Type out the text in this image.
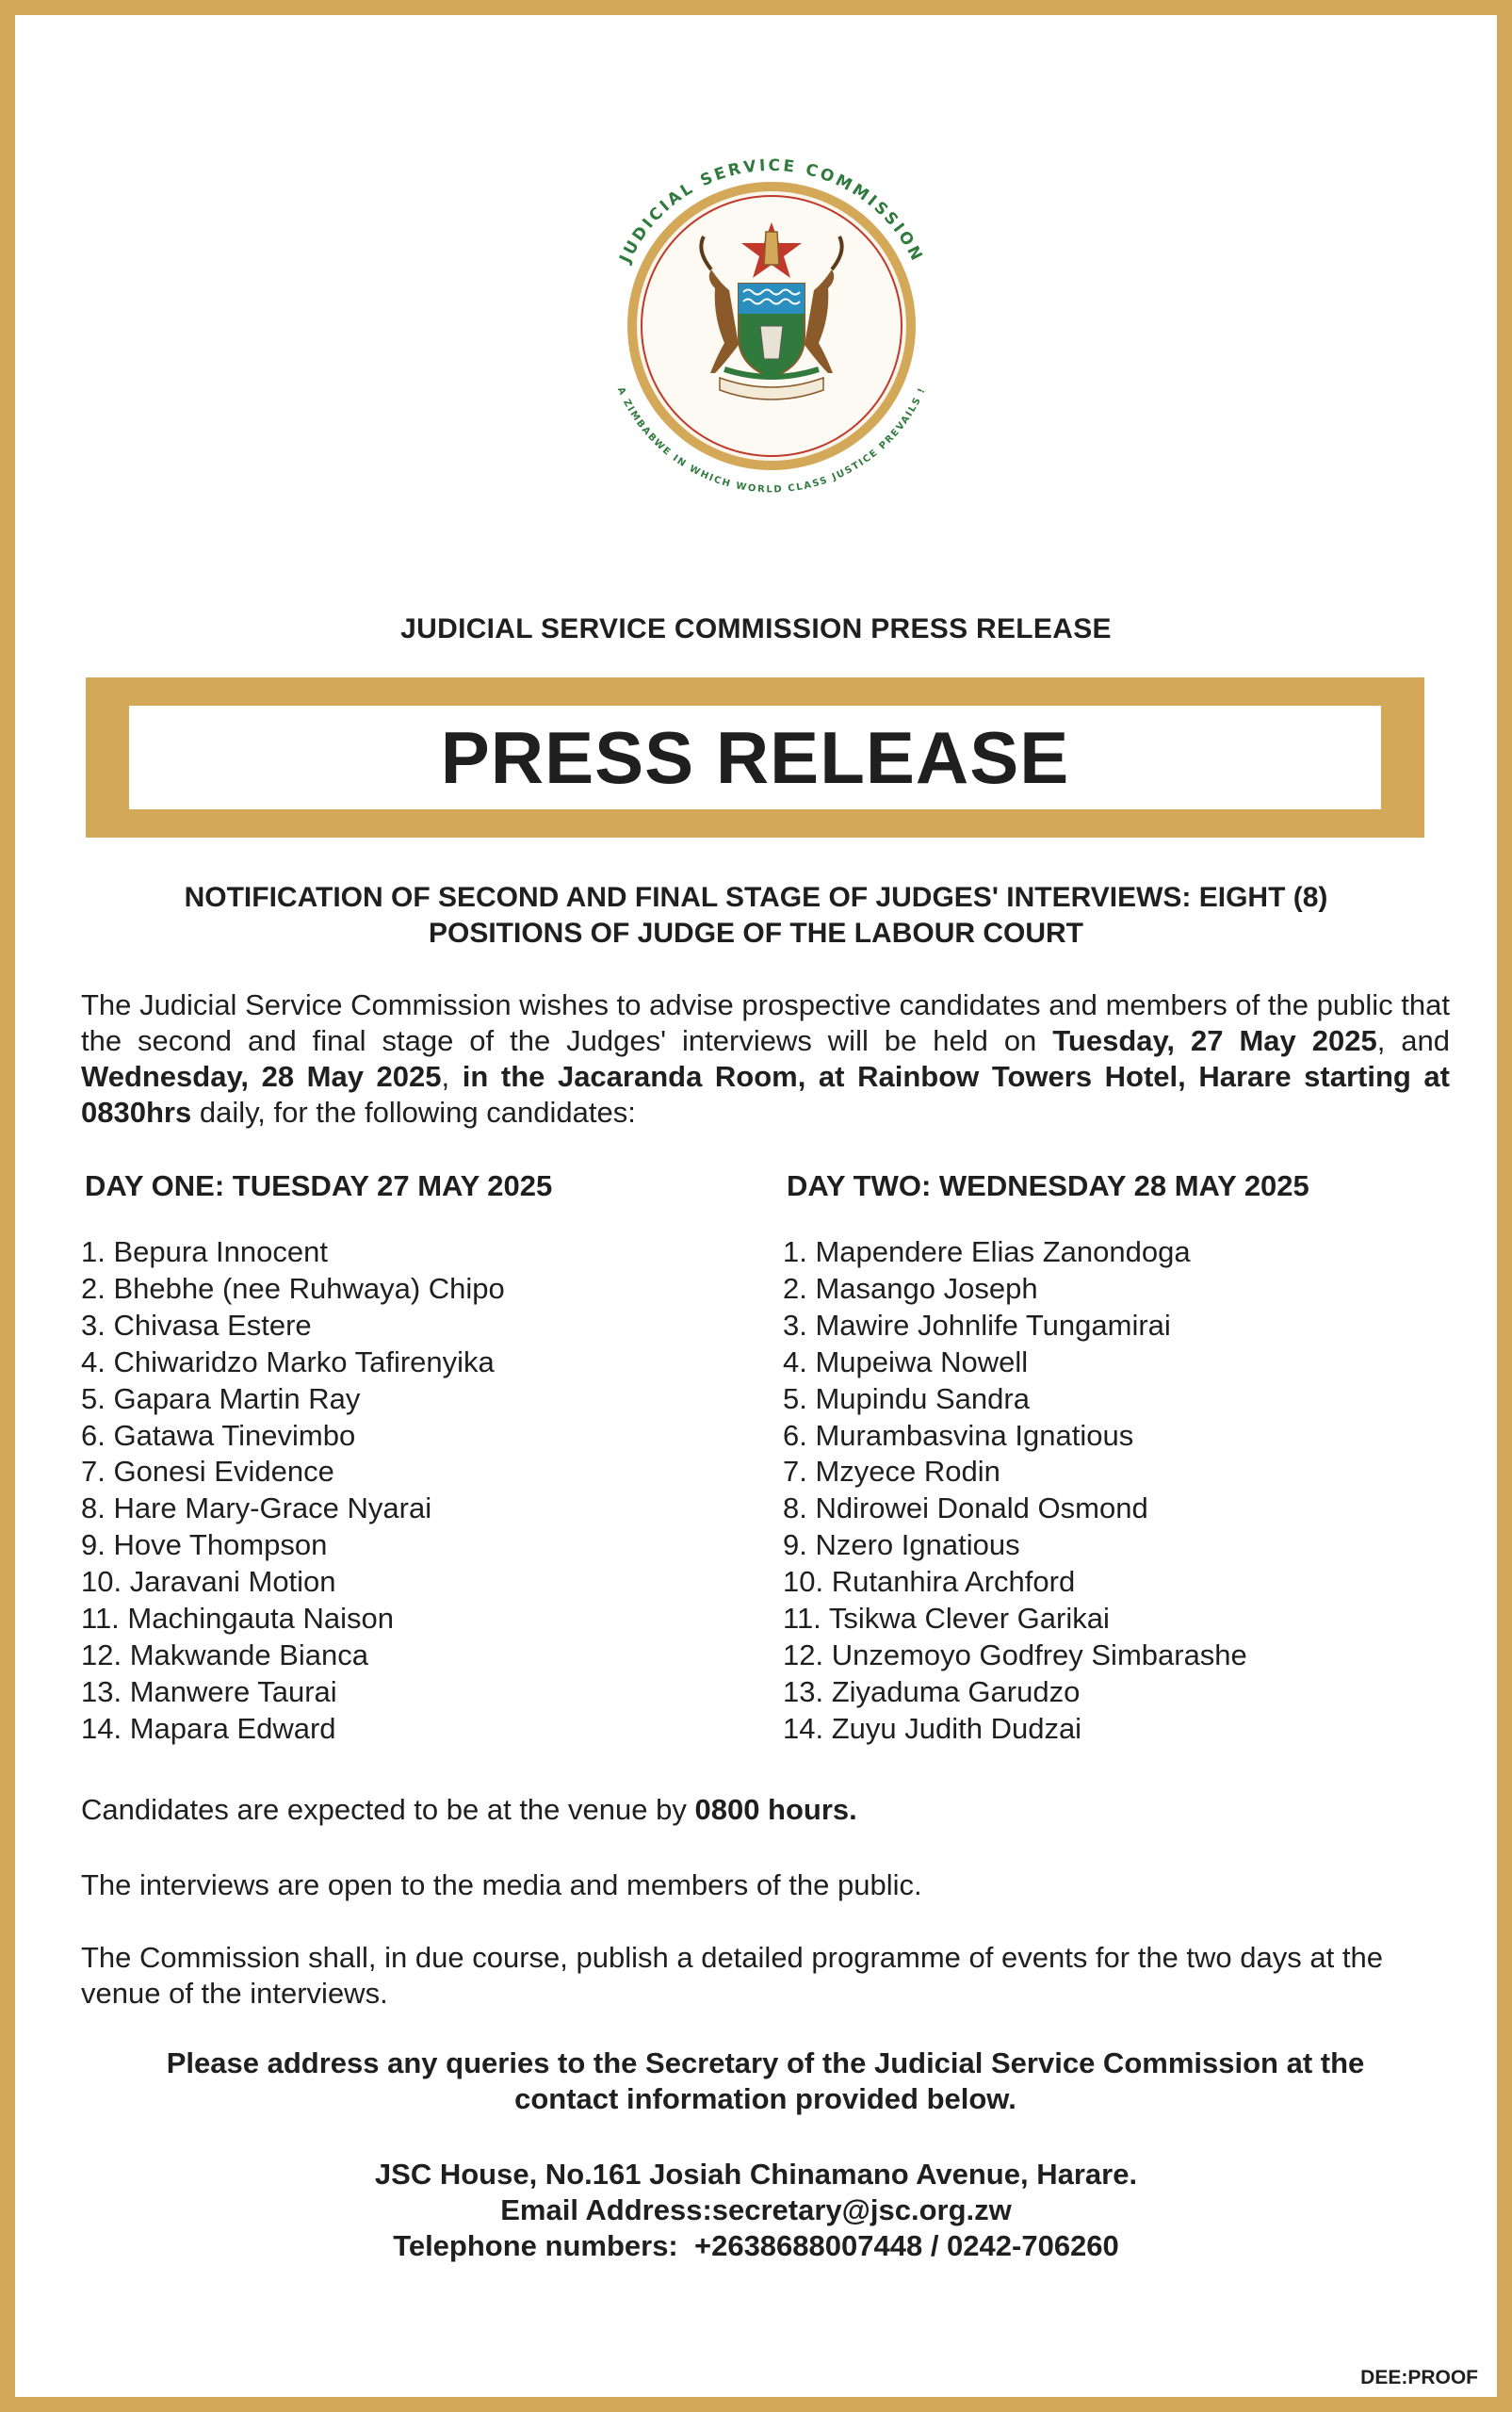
JUDICIAL SERVICE COMMISSION
A ZIMBABWE IN WHICH WORLD CLASS JUSTICE PREVAILS !
JUDICIAL SERVICE COMMISSION PRESS RELEASE
PRESS RELEASE
NOTIFICATION OF SECOND AND FINAL STAGE OF JUDGES' INTERVIEWS: EIGHT (8)
POSITIONS OF JUDGE OF THE LABOUR COURT
The Judicial Service Commission wishes to advise prospective candidates and members of the public that the second and final stage of the Judges' interviews will be held on Tuesday, 27 May 2025, and Wednesday, 28 May 2025, in the Jacaranda Room, at Rainbow Towers Hotel, Harare starting at 0830hrs daily, for the following candidates:
DAY ONE: TUESDAY 27 MAY 2025
1. Bepura Innocent
2. Bhebhe (nee Ruhwaya) Chipo
3. Chivasa Estere
4. Chiwaridzo Marko Tafirenyika
5. Gapara Martin Ray
6. Gatawa Tinevimbo
7. Gonesi Evidence
8. Hare Mary-Grace Nyarai
9. Hove Thompson
10. Jaravani Motion
11. Machingauta Naison
12. Makwande Bianca
13. Manwere Taurai
14. Mapara Edward
DAY TWO: WEDNESDAY 28 MAY 2025
1. Mapendere Elias Zanondoga
2. Masango Joseph
3. Mawire Johnlife Tungamirai
4. Mupeiwa Nowell
5. Mupindu Sandra
6. Murambasvina Ignatious
7. Mzyece Rodin
8. Ndirowei Donald Osmond
9. Nzero Ignatious
10. Rutanhira Archford
11. Tsikwa Clever Garikai
12. Unzemoyo Godfrey Simbarashe
13. Ziyaduma Garudzo
14. Zuyu Judith Dudzai
Candidates are expected to be at the venue by 0800 hours.
The interviews are open to the media and members of the public.
The Commission shall, in due course, publish a detailed programme of events for the two days at the venue of the interviews.
Please address any queries to the Secretary of the Judicial Service Commission at the
contact information provided below.
JSC House, No.161 Josiah Chinamano Avenue, Harare.
Email Address:secretary@jsc.org.zw
Telephone numbers:  +2638688007448 / 0242-706260
DEE:PROOF
